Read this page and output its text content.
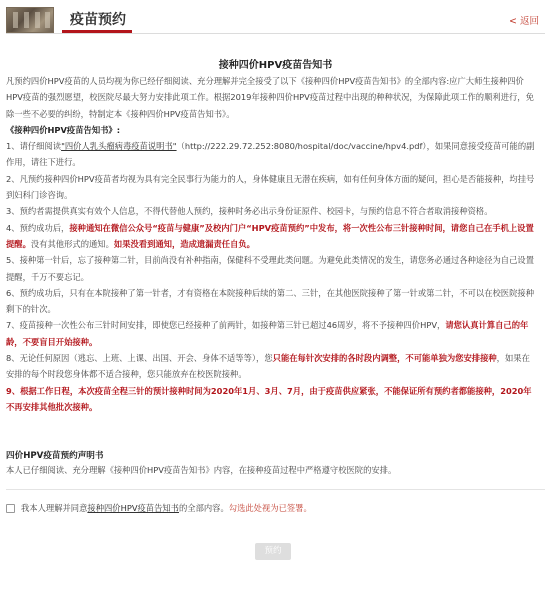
疫苗预约	< 返回
接种四价HPV疫苗告知书

凡预约四价HPV疫苗的人员均视为你已经仔细阅读、充分理解并完全接受了以下《接种四价HPV疫苗告知书》的全部内容:应广大师生接种四价HPV疫苗的强烈愿望，校医院尽最大努力安排此项工作。根据2019年接种四价HPV疫苗过程中出现的种种状况，为保障此项工作的顺利进行，免除一些不必要的纠纷，特制定本《接种四价HPV疫苗告知书》。

《接种四价HPV疫苗告知书》:

1、请仔细阅读"四价人乳头瘤病毒疫苗说明书"（http://222.29.72.252:8080/hospital/doc/vaccine/hpv4.pdf），如果同意接受疫苗可能的副作用，请往下进行。

2、凡预约接种四价HPV疫苗者均视为具有完全民事行为能力的人，身体健康且无潜在疾病，如有任何身体方面的疑问，担心是否能接种，均挂号到妇科门诊咨询。

3、预约者需提供真实有效个人信息，不得代替他人预约，接种时务必出示身份证原件、校园卡，与预约信息不符合者取消接种资格。

4、预约成功后，接种通知在微信公众号“疫苗与健康”及校内门户“HPV疫苗预约”中发布，将一次性公布三针接种时间，请您自己在手机上设置提醒。没有其他形式的通知。如果没看到通知，造成遗漏责任自负。

5、接种第一针后，忘了接种第二针，目前尚没有补种指南，保健科不受理此类问题。为避免此类情况的发生，请您务必通过各种途径为自己设置提醒，千万不要忘记。

6、预约成功后，只有在本院接种了第一针者，才有资格在本院接种后续的第二、三针，在其他医院接种了第一针或第二针，不可以在校医院接种剩下的针次。

7、疫苗接种一次性公布三针时间安排，即使您已经接种了前两针，如接种第三针已超过46周岁，将不予接种四价HPV，请您认真计算自己的年龄，不要盲目开始接种。

8、无论任何原因（逃忘、上班、上课、出国、开会、身体不适等等），您只能在每针次安排的各时段内调整，不可能单独为您安排接种，如果在安排的每个时段您身体都不适合接种，您只能放弃在校医院接种。

9、根据工作日程，本次疫苗全程三针的预计接种时间为2020年1月、3月、7月，由于疫苗供应紧张，不能保证所有预约者都能接种，2020年不再安排其他批次接种。

四价HPV疫苗预约声明书
本人已仔细阅读、充分理解《接种四价HPV疫苗告知书》内容，在接种疫苗过程中严格遵守校医院的安排。
我本人理解并同意接种四价HPV疫苗告知书的全部内容。勾选此处视为已签署。
预约
